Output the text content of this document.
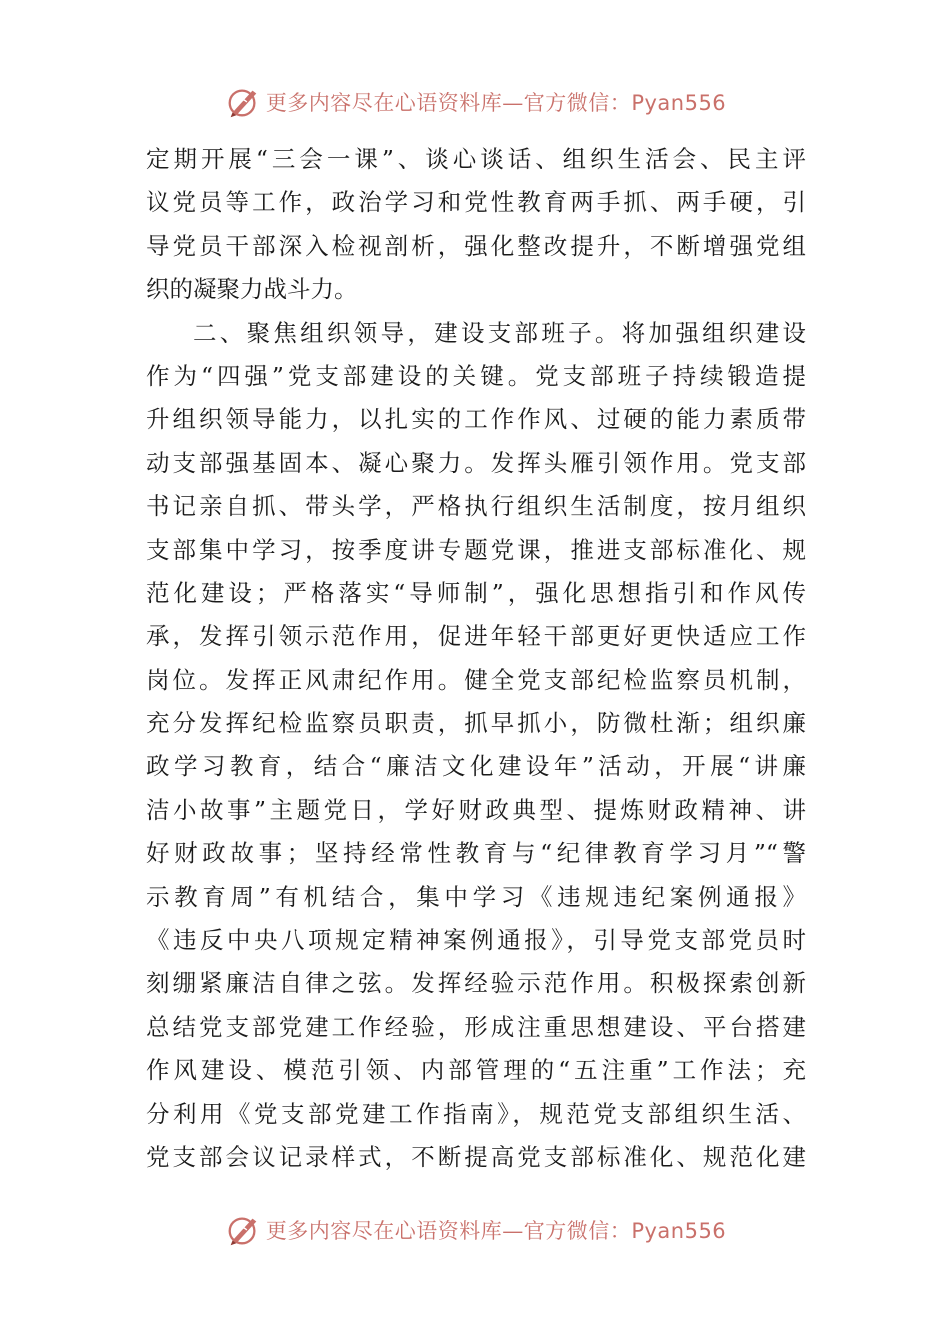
更多内容尽在心语资料库—官方微信：Pyan556
定期开展“三会一课”、谈心谈话、组织生活会、民主评
议党员等工作，政治学习和党性教育两手抓、两手硬，引
导党员干部深入检视剖析，强化整改提升，不断增强党组
织的凝聚力战斗力。
二、聚焦组织领导，建设支部班子。将加强组织建设
作为“四强”党支部建设的关键。党支部班子持续锻造提
升组织领导能力，以扎实的工作作风、过硬的能力素质带
动支部强基固本、凝心聚力。发挥头雁引领作用。党支部
书记亲自抓、带头学，严格执行组织生活制度，按月组织
支部集中学习，按季度讲专题党课，推进支部标准化、规
范化建设；严格落实“导师制”，强化思想指引和作风传
承，发挥引领示范作用，促进年轻干部更好更快适应工作
岗位。发挥正风肃纪作用。健全党支部纪检监察员机制，
充分发挥纪检监察员职责，抓早抓小，防微杜渐；组织廉
政学习教育，结合“廉洁文化建设年”活动，开展“讲廉
洁小故事”主题党日，学好财政典型、提炼财政精神、讲
好财政故事；坚持经常性教育与“纪律教育学习月”“警
示教育周”有机结合，集中学习《违规违纪案例通报》
《违反中央八项规定精神案例通报》，引导党支部党员时
刻绷紧廉洁自律之弦。发挥经验示范作用。积极探索创新
总结党支部党建工作经验，形成注重思想建设、平台搭建
作风建设、模范引领、内部管理的“五注重”工作法；充
分利用《党支部党建工作指南》，规范党支部组织生活、
党支部会议记录样式，不断提高党支部标准化、规范化建
更多内容尽在心语资料库—官方微信：Pyan556
